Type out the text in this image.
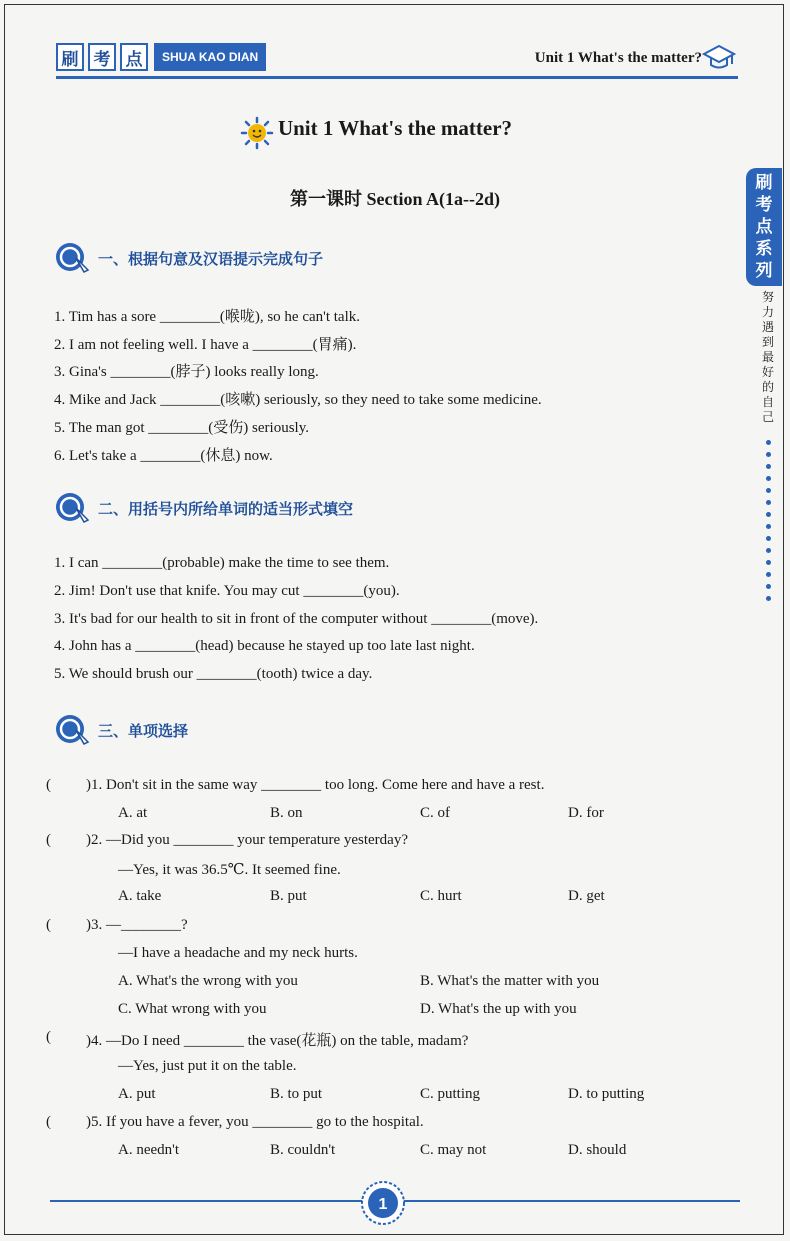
刷 考 点	SHUA KAO DIAN	Unit 1 What's the matter?
刷
考
点
系
列
努
力
遇
到
最
好
的
自
己
Unit 1 What's the matter?
第一课时 Section A(1a--2d)
一、根据句意及汉语提示完成句子
1. Tim has a sore ________(喉咙), so he can't talk.
2. I am not feeling well. I have a ________(胃痛).
3. Gina's ________(脖子) looks really long.
4. Mike and Jack ________(咳嗽) seriously, so they need to take some medicine.
5. The man got ________(受伤) seriously.
6. Let's take a ________(休息) now.
二、用括号内所给单词的适当形式填空
1. I can ________(probable) make the time to see them.
2. Jim! Don't use that knife. You may cut ________(you).
3. It's bad for our health to sit in front of the computer without ________(move).
4. John has a ________(head) because he stayed up too late last night.
5. We should brush our ________(tooth) twice a day.
三、单项选择
( )1. Don't sit in the same way ________ too long. Come here and have a rest.
A. at	B. on	C. of	D. for
( )2. —Did you ________ your temperature yesterday?
—Yes, it was 36.5℃. It seemed fine.
A. take	B. put	C. hurt	D. get
( )3. —________?
—I have a headache and my neck hurts.
A. What's the wrong with you	B. What's the matter with you
C. What wrong with you	D. What's the up with you
( )4. —Do I need ________ the vase(花瓶) on the table, madam?
—Yes, just put it on the table.
A. put	B. to put	C. putting	D. to putting
( )5. If you have a fever, you ________ go to the hospital.
A. needn't	B. couldn't	C. may not	D. should
1
